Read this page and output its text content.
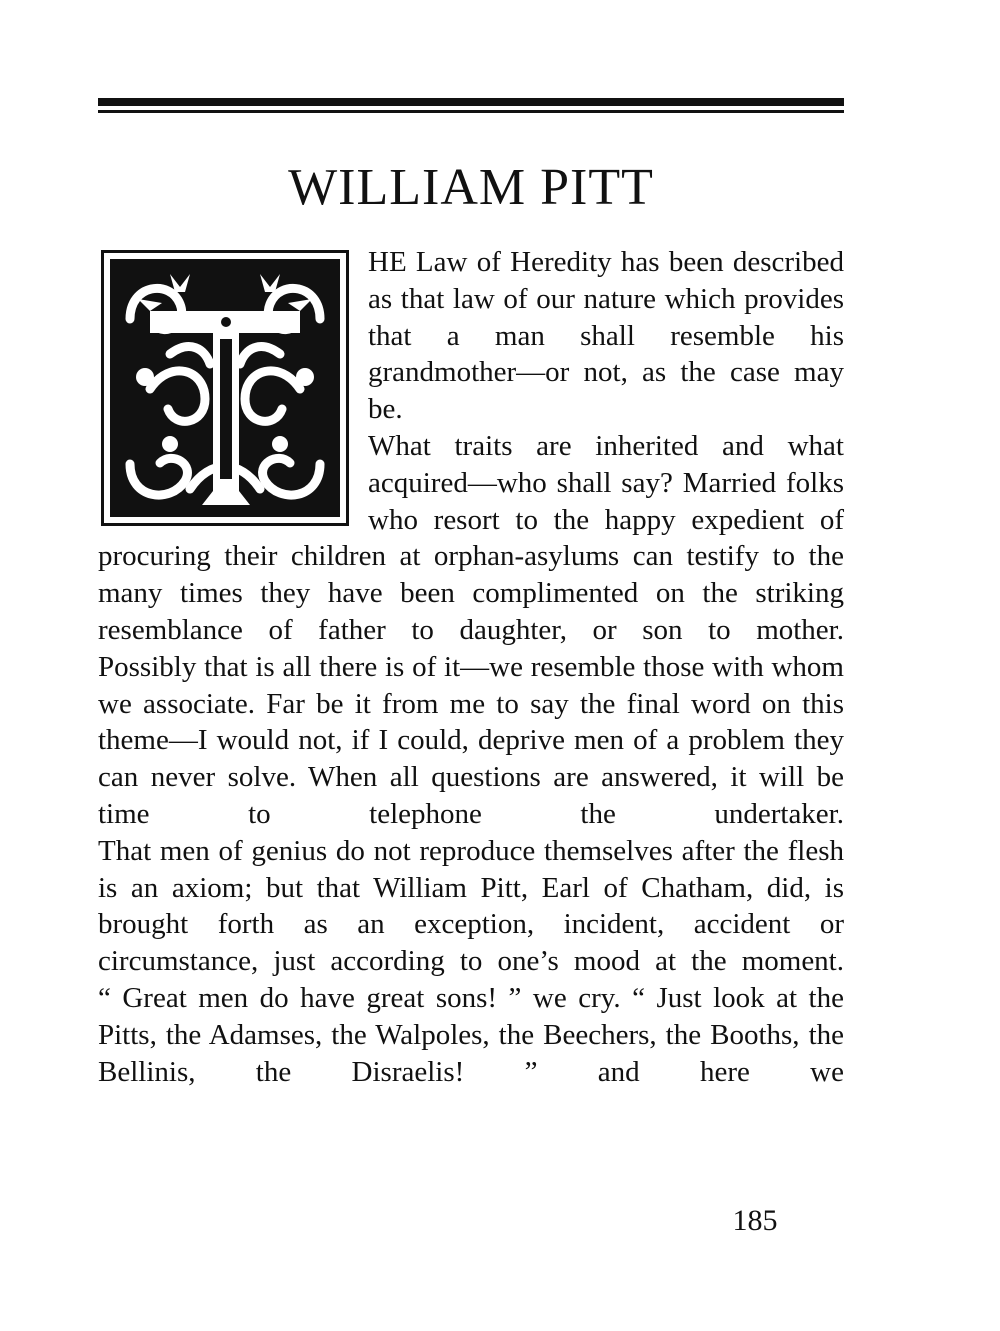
WILLIAM PITT

HE Law of Heredity has been described as that law of our nature which provides that a man shall resemble his grandmother—or not, as the case may be.

What traits are inherited and what acquired—who shall say? Married folks who resort to the happy expedient of procuring their children at orphan-asylums can testify to the many times they have been complimented on the striking resemblance of father to daughter, or son to mother.

Possibly that is all there is of it—we resemble those with whom we associate. Far be it from me to say the final word on this theme—I would not, if I could, deprive men of a problem they can never solve. When all questions are answered, it will be time to telephone the undertaker.

That men of genius do not reproduce themselves after the flesh is an axiom; but that William Pitt, Earl of Chatham, did, is brought forth as an exception, incident, accident or circumstance, just according to one’s mood at the moment.

“ Great men do have great sons! ” we cry. “ Just look at the Pitts, the Adamses, the Walpoles, the Beechers, the Booths, the Bellinis, the Disraelis! ” and here we

185
